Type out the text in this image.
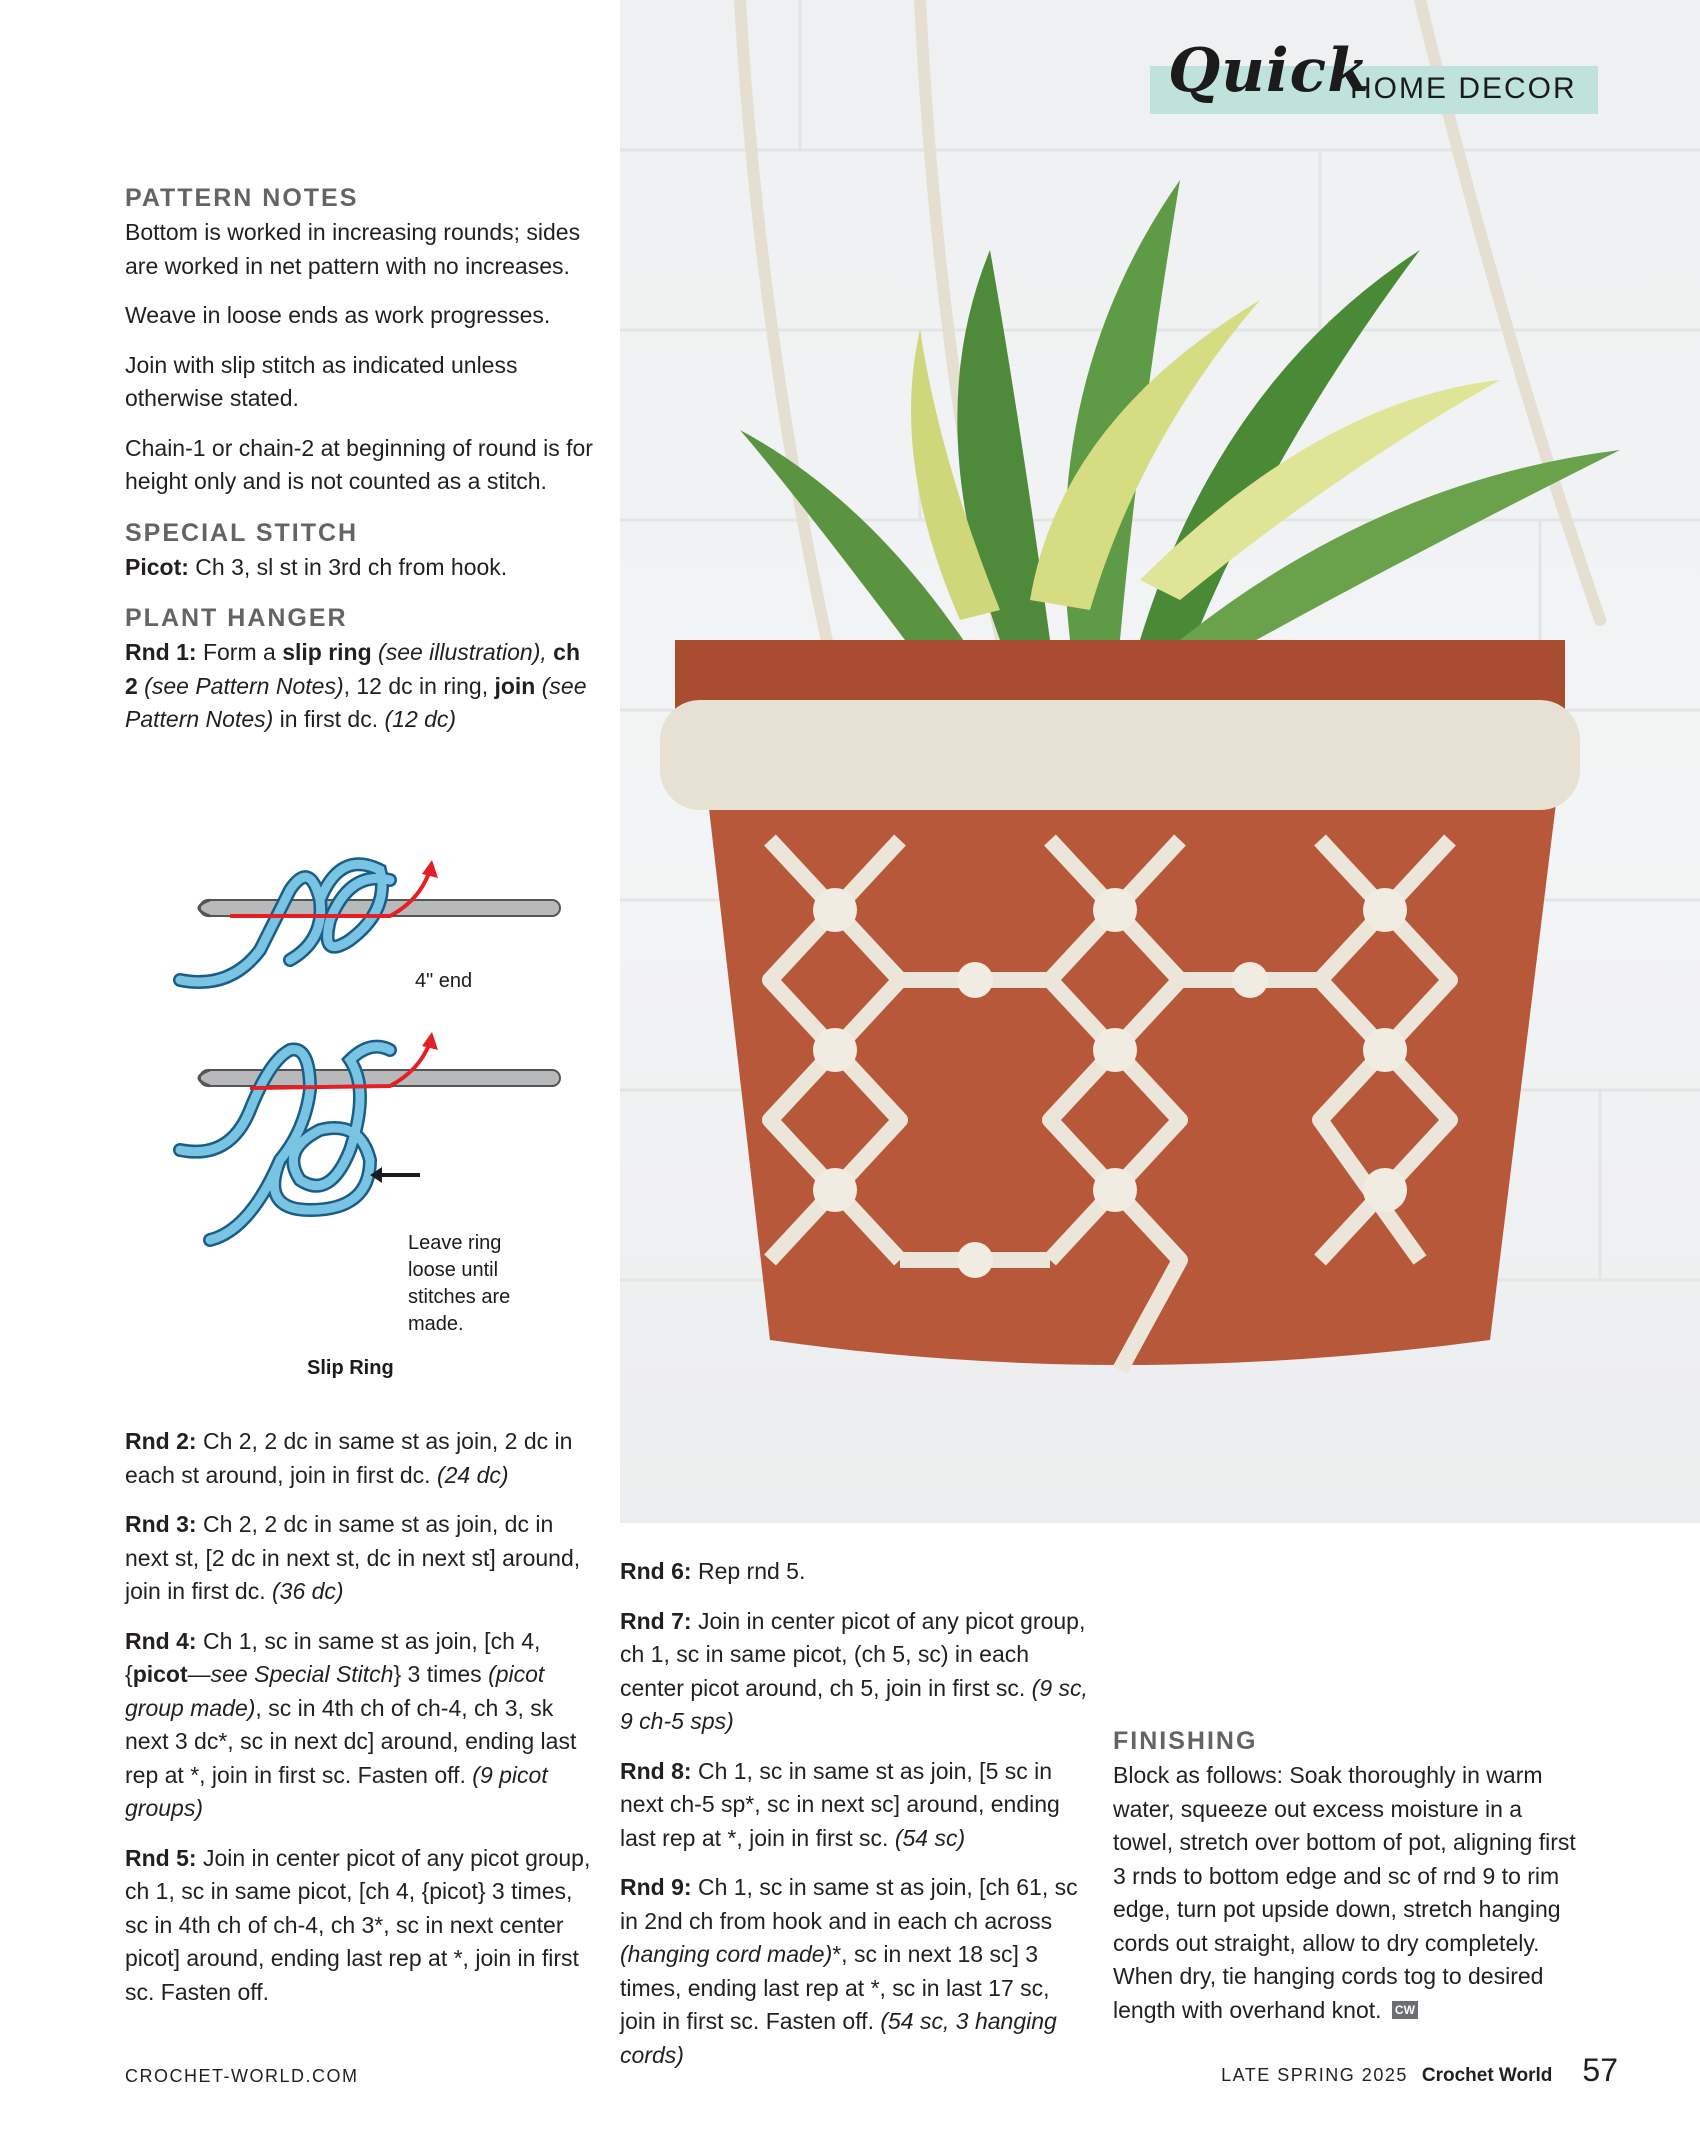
Quick
HOME DECOR
PATTERN NOTES

Bottom is worked in increasing rounds; sides are worked in net pattern with no increases.

Weave in loose ends as work progresses.

Join with slip stitch as indicated unless otherwise stated.

Chain-1 or chain-2 at beginning of round is for height only and is not counted as a stitch.

SPECIAL STITCH

Picot: Ch 3, sl st in 3rd ch from hook.

PLANT HANGER

Rnd 1: Form a slip ring (see illustration), ch 2 (see Pattern Notes), 12 dc in ring, join (see Pattern Notes) in first dc. (12 dc)

4" end
Leave ring
loose until
stitches are
made.
Slip Ring

Rnd 2: Ch 2, 2 dc in same st as join, 2 dc in each st around, join in first dc. (24 dc)

Rnd 3: Ch 2, 2 dc in same st as join, dc in next st, [2 dc in next st, dc in next st] around, join in first dc. (36 dc)

Rnd 4: Ch 1, sc in same st as join, [ch 4, {picot—see Special Stitch} 3 times (picot group made), sc in 4th ch of ch-4, ch 3, sk next 3 dc*, sc in next dc] around, ending last rep at *, join in first sc. Fasten off. (9 picot groups)

Rnd 5: Join in center picot of any picot group, ch 1, sc in same picot, [ch 4, {picot} 3 times, sc in 4th ch of ch-4, ch 3*, sc in next center picot] around, ending last rep at *, join in first sc. Fasten off.

Rnd 6: Rep rnd 5.

Rnd 7: Join in center picot of any picot group, ch 1, sc in same picot, (ch 5, sc) in each center picot around, ch 5, join in first sc. (9 sc, 9 ch-5 sps)

Rnd 8: Ch 1, sc in same st as join, [5 sc in next ch-5 sp*, sc in next sc] around, ending last rep at *, join in first sc. (54 sc)

Rnd 9: Ch 1, sc in same st as join, [ch 61, sc in 2nd ch from hook and in each ch across (hanging cord made)*, sc in next 18 sc] 3 times, ending last rep at *, sc in last 17 sc, join in first sc. Fasten off. (54 sc, 3 hanging cords)

FINISHING

Block as follows: Soak thoroughly in warm water, squeeze out excess moisture in a towel, stretch over bottom of pot, aligning first 3 rnds to bottom edge and sc of rnd 9 to rim edge, turn pot upside down, stretch hanging cords out straight, allow to dry completely. When dry, tie hanging cords tog to desired length with overhand knot. CW

CROCHET-WORLD.COM	LATE SPRING 2025 Crochet World 57
